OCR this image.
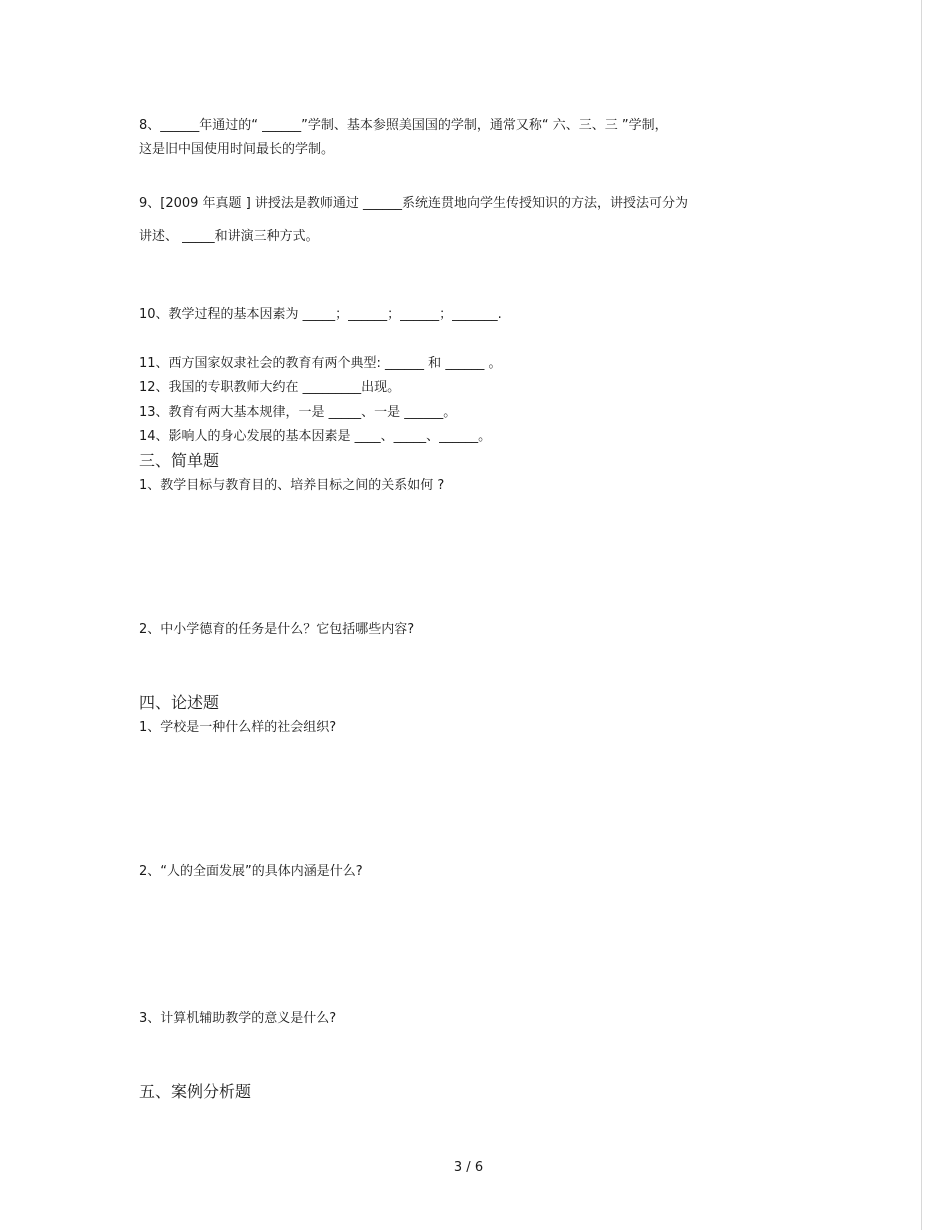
8、______年通过的“ ______”学制、基本参照美国国的学制，通常又称“ 六、三、三 ”学制，
这是旧中国使用时间最长的学制。
9、[2009 年真题 ] 讲授法是教师通过 ______系统连贯地向学生传授知识的方法，讲授法可分为
讲述、 _____和讲演三种方式。
10、教学过程的基本因素为 _____；______；______；_______.
11、西方国家奴隶社会的教育有两个典型: ______ 和 ______ 。
12、我国的专职教师大约在 _________出现。
13、教育有两大基本规律，一是 _____、一是 ______。
14、影响人的身心发展的基本因素是 ____、_____、______。
三、简单题
1、教学目标与教育目的、培养目标之间的关系如何 ?
2、中小学德育的任务是什么？它包括哪些内容?
四、论述题
1、学校是一种什么样的社会组织?
2、“人的全面发展”的具体内涵是什么?
3、计算机辅助教学的意义是什么?
五、案例分析题
3 / 6
